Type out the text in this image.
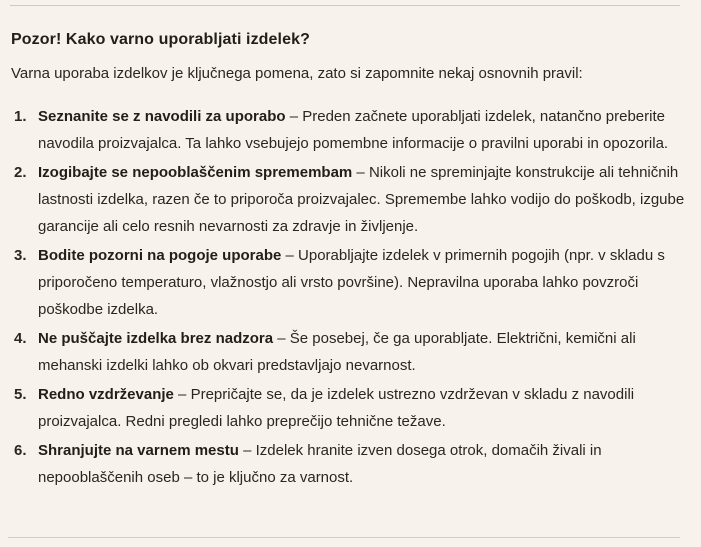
Pozor! Kako varno uporabljati izdelek?

Varna uporaba izdelkov je ključnega pomena, zato si zapomnite nekaj osnovnih pravil:

1. Seznanite se z navodili za uporabo – Preden začnete uporabljati izdelek, natančno preberite navodila proizvajalca. Ta lahko vsebujejo pomembne informacije o pravilni uporabi in opozorila.
2. Izogibajte se nepooblaščenim spremembam – Nikoli ne spreminjajte konstrukcije ali tehničnih lastnosti izdelka, razen če to priporoča proizvajalec. Spremembe lahko vodijo do poškodb, izgube garancije ali celo resnih nevarnosti za zdravje in življenje.
3. Bodite pozorni na pogoje uporabe – Uporabljajte izdelek v primernih pogojih (npr. v skladu s priporočeno temperaturo, vlažnostjo ali vrsto površine). Nepravilna uporaba lahko povzroči poškodbe izdelka.
4. Ne puščajte izdelka brez nadzora – Še posebej, če ga uporabljate. Električni, kemični ali mehanski izdelki lahko ob okvari predstavljajo nevarnost.
5. Redno vzdrževanje – Prepričajte se, da je izdelek ustrezno vzdrževan v skladu z navodili proizvajalca. Redni pregledi lahko preprečijo tehnične težave.
6. Shranjujte na varnem mestu – Izdelek hranite izven dosega otrok, domačih živali in nepooblaščenih oseb – to je ključno za varnost.
